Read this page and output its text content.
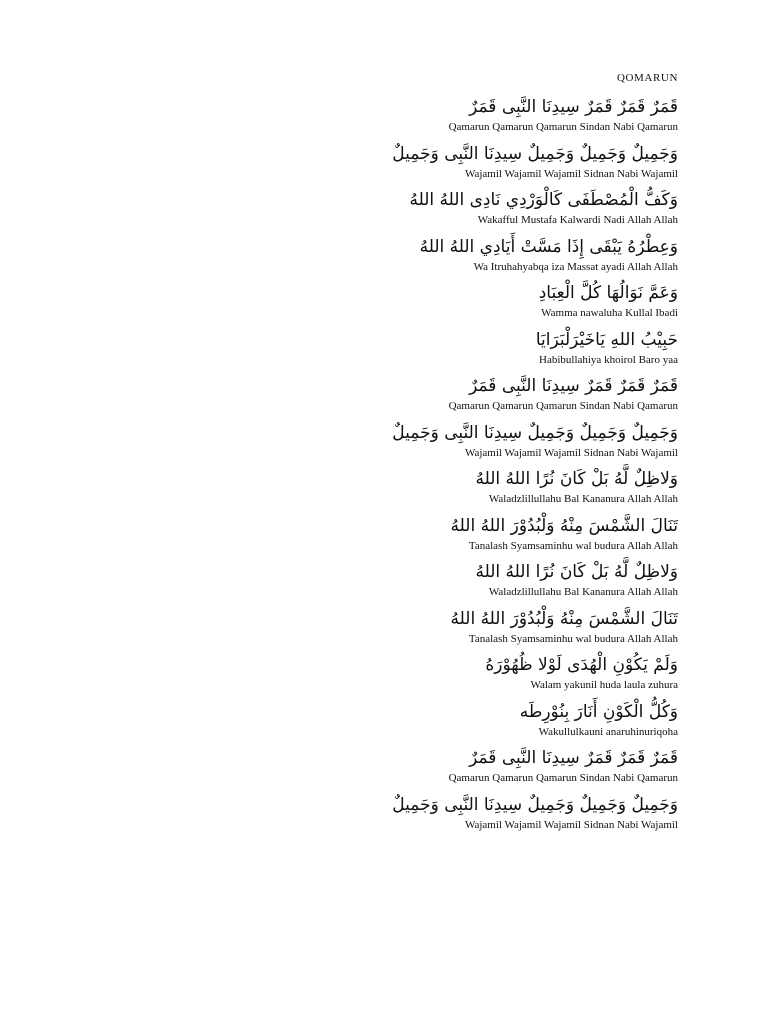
QOMARUN
قَمَرٌ قَمَرٌ قَمَرٌ سِيدِنَا النَّبِى قَمَرٌ
Qamarun Qamarun Qamarun Sindan Nabi Qamarun
وَجَمِيلٌ وَجَمِيلٌ وَجَمِيلٌ سِيدِنَا النَّبِى وَجَمِيلٌ
Wajamil Wajamil Wajamil Sidnan Nabi Wajamil
وَكَفُّ الْمُصْطَفَى كَالْوَرْدِي نَادِى اللهُ اللهُ
Wakafful Mustafa Kalwardi Nadi Allah Allah
وَعِطْرُهُ يَبْقَى إِذَا مَسَّتْ أَيَادِي اللهُ اللهُ
Wa Itruhahyabqa iza Massat ayadi Allah Allah
وَعَمَّ نَوَالُهَا كُلَّ الْعِبَادِ
Wamma nawaluha Kullal Ibadi
حَبِيْبُ اللهِ يَاخَيْرَلْبَرَايَا
Habibullahiya khoirol Baro yaa
قَمَرٌ قَمَرٌ قَمَرٌ سِيدِنَا النَّبِى قَمَرٌ
Qamarun Qamarun Qamarun Sindan Nabi Qamarun
وَجَمِيلٌ وَجَمِيلٌ وَجَمِيلٌ سِيدِنَا النَّبِى وَجَمِيلٌ
Wajamil Wajamil Wajamil Sidnan Nabi Wajamil
وَلاظِلٌ لَّهُ بَلْ كَانَ نُرًا اللهُ اللهُ
Waladzlillullahu Bal Kananura Allah Allah
تَنَالَ الشَّمْسَ مِنْهُ وَلْبُدُوْرَ اللهُ اللهُ
Tanalash Syamsaminhu wal budura Allah Allah
وَلاظِلٌ لَّهُ بَلْ كَانَ نُرًا اللهُ اللهُ
Waladzlillullahu Bal Kananura Allah Allah
تَنَالَ الشَّمْسَ مِنْهُ وَلْبُدُوْرَ اللهُ اللهُ
Tanalash Syamsaminhu wal budura Allah Allah
وَلَمْ يَكُوْنِ الْهُدَى لَوْلا ظُهُوْرَهُ
Walam yakunil huda laula zuhura
وَكُلُّ الْكَوْنِ أَنَارَ بِنُوْرِطَه
Wakullulkauni anaruhinuriqoha
قَمَرٌ قَمَرٌ قَمَرٌ سِيدِنَا النَّبِى قَمَرٌ
Qamarun Qamarun Qamarun Sindan Nabi Qamarun
وَجَمِيلٌ وَجَمِيلٌ وَجَمِيلٌ سِيدِنَا النَّبِى وَجَمِيلٌ
Wajamil Wajamil Wajamil Sidnan Nabi Wajamil
